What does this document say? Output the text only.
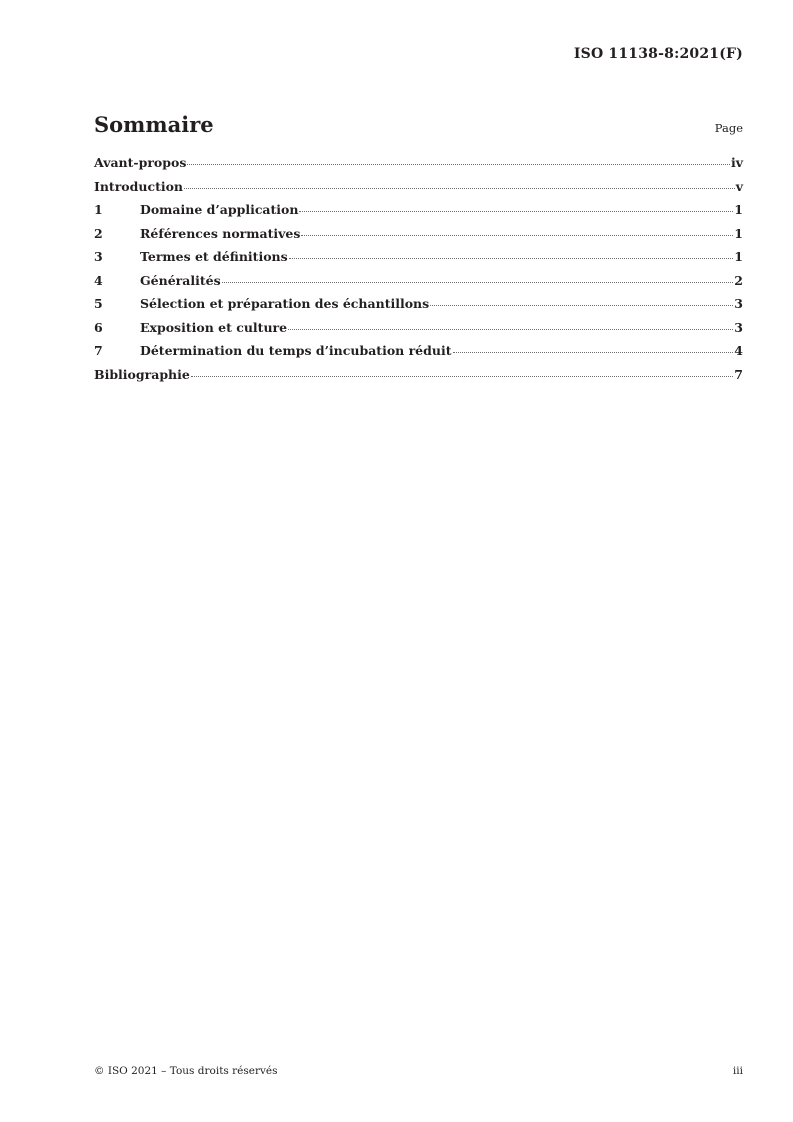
ISO 11138-8:2021(F)
Sommaire	Page
Avant-propos	iv
Introduction	v
1	Domaine d’application	1
2	Références normatives	1
3	Termes et définitions	1
4	Généralités	2
5	Sélection et préparation des échantillons	3
6	Exposition et culture	3
7	Détermination du temps d’incubation réduit	4
Bibliographie	7
© ISO 2021 – Tous droits réservés	iii
